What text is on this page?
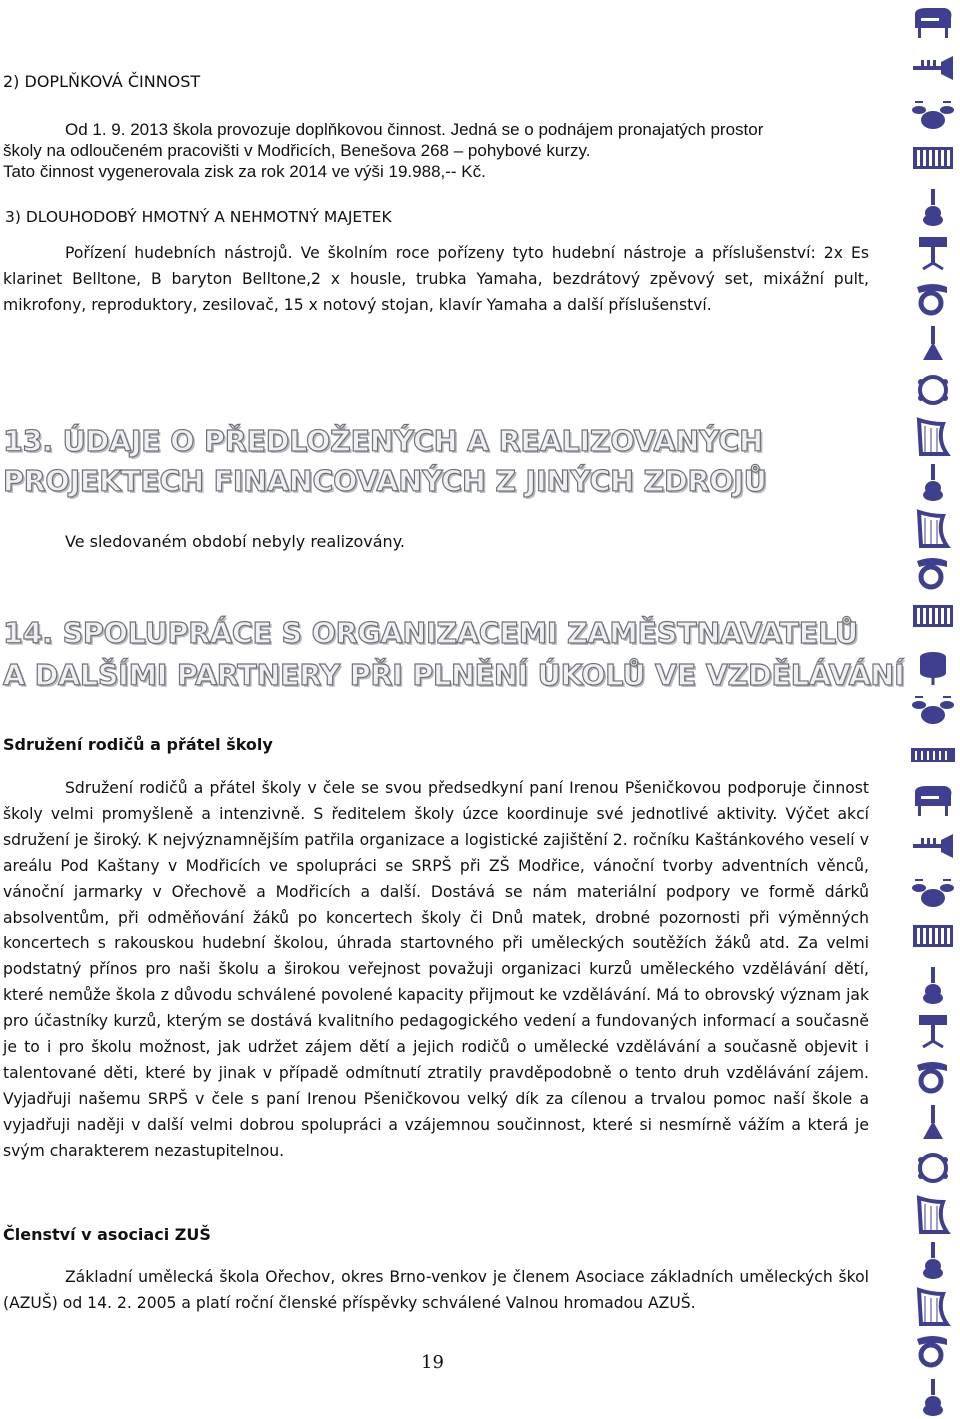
2) DOPLŇKOVÁ ČINNOST

Od 1. 9. 2013 škola provozuje doplňkovou činnost. Jedná se o podnájem pronajatých prostor

školy na odloučeném pracovišti v Modřicích, Benešova 268 – pohybové kurzy.

Tato činnost vygenerovala zisk za rok 2014 ve výši 19.988,-- Kč.

3) DLOUHODOBÝ HMOTNÝ A NEHMOTNÝ MAJETEK

Pořízení hudebních nástrojů. Ve školním roce pořízeny tyto hudební nástroje a příslušenství: 2x Es klarinet Belltone, B baryton Belltone,2 x housle, trubka Yamaha, bezdrátový zpěvový set, mixážní pult, mikrofony, reproduktory, zesilovač, 15 x notový stojan, klavír Yamaha a další příslušenství.

13. ÚDAJE O PŘEDLOŽENÝCH A REALIZOVANÝCH

PROJEKTECH FINANCOVANÝCH Z JINÝCH ZDROJŮ

Ve sledovaném období nebyly realizovány.

14. SPOLUPRÁCE S ORGANIZACEMI ZAMĚSTNAVATELŮ

A DALŠÍMI PARTNERY PŘI PLNĚNÍ ÚKOLŮ VE VZDĚLÁVÁNÍ

Sdružení rodičů a přátel školy

Sdružení rodičů a přátel školy v čele se svou předsedkyní paní Irenou Pšeničkovou podporuje činnost školy velmi promyšleně a intenzivně. S ředitelem školy úzce koordinuje své jednotlivé aktivity. Výčet akcí sdružení je široký. K nejvýznamnějším patřila organizace a logistické zajištění 2. ročníku Kaštánkového veselí v areálu Pod Kaštany v Modřicích ve spolupráci se SRPŠ při ZŠ Modřice, vánoční tvorby adventních věnců, vánoční jarmarky v Ořechově a Modřicích a další. Dostává se nám materiální podpory ve formě dárků absolventům, při odměňování žáků po koncertech školy či Dnů matek, drobné pozornosti při výměnných koncertech s rakouskou hudební školou, úhrada startovného při uměleckých soutěžích žáků atd. Za velmi podstatný přínos pro naši školu a širokou veřejnost považuji organizaci kurzů uměleckého vzdělávání dětí, které nemůže škola z důvodu schválené povolené kapacity přijmout ke vzdělávání. Má to obrovský význam jak pro účastníky kurzů, kterým se dostává kvalitního pedagogického vedení a fundovaných informací a současně je to i pro školu možnost, jak udržet zájem dětí a jejich rodičů o umělecké vzdělávání a současně objevit i talentované děti, které by jinak v případě odmítnutí ztratily pravděpodobně o tento druh vzdělávání zájem. Vyjadřuji našemu SRPŠ v čele s paní Irenou Pšeničkovou velký dík za cílenou a trvalou pomoc naší škole a vyjadřuji naději v další velmi dobrou spolupráci a vzájemnou součinnost, které si nesmírně vážím a která je svým charakterem nezastupitelnou.

Členství v asociaci ZUŠ

Základní umělecká škola Ořechov, okres Brno-venkov je členem Asociace základních uměleckých škol (AZUŠ) od 14. 2. 2005 a platí roční členské příspěvky schválené Valnou hromadou AZUŠ.

19
